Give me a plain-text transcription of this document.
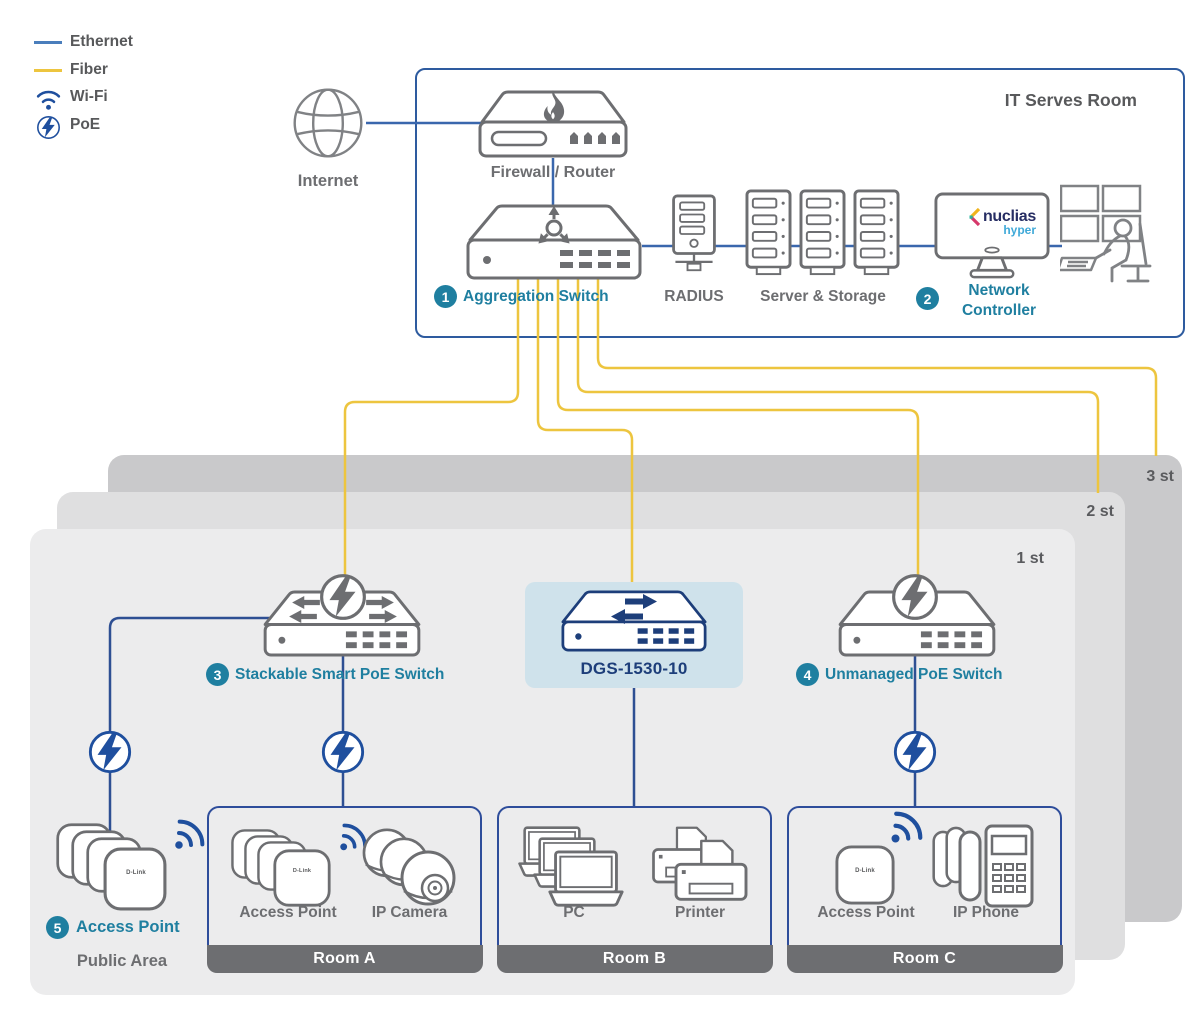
3 st
2 st
1 st
IT Serves Room
Ethernet
Fiber
Wi-Fi
PoE
Internet	Firewall / Router
1 Aggregation Switch	RADIUS	Server & Storage
nuclias
hyper
2	Network
Controller
3 Stackable Smart PoE Switch	DGS-1530-10	4 Unmanaged PoE Switch
D-Link
5 Access Point
Public Area	Room A
D-Link
Access Point	IP Camera
Room B
PC	Printer
Room C
D-Link
Access Point	IP Phone
